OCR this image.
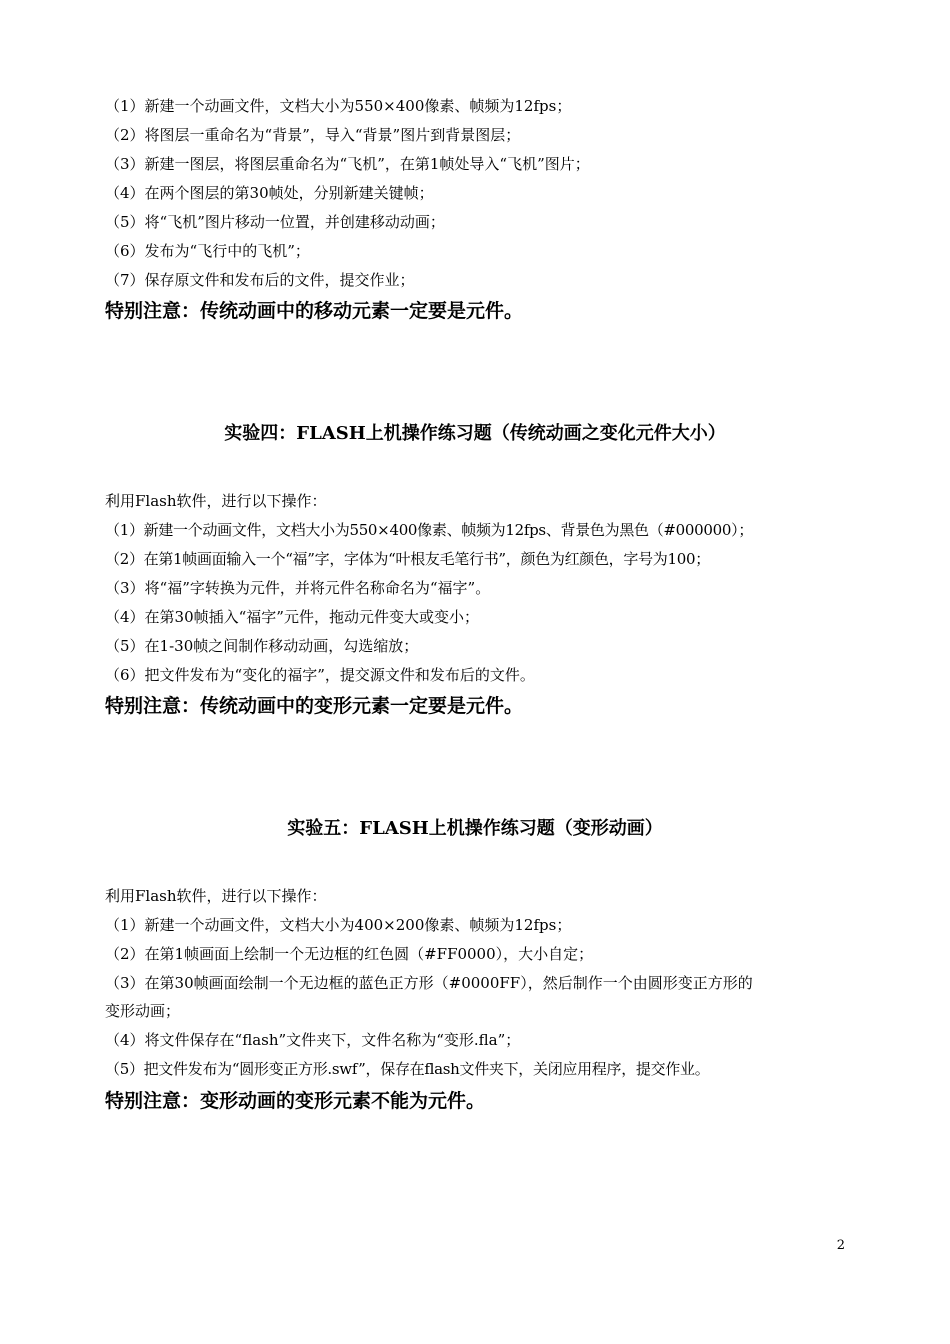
（1）新建一个动画文件，文档大小为550×400像素、帧频为12fps；
（2）将图层一重命名为“背景”，导入“背景”图片到背景图层；
（3）新建一图层，将图层重命名为“飞机”，在第1帧处导入“飞机”图片；
（4）在两个图层的第30帧处，分别新建关键帧；
（5）将“飞机”图片移动一位置，并创建移动动画；
（6）发布为“飞行中的飞机”；
（7）保存原文件和发布后的文件，提交作业；
特别注意：传统动画中的移动元素一定要是元件。
实验四：FLASH上机操作练习题（传统动画之变化元件大小）
利用Flash软件，进行以下操作：
（1）新建一个动画文件，文档大小为550×400像素、帧频为12fps、背景色为黑色（#000000）；
（2）在第1帧画面输入一个“福”字，字体为“叶根友毛笔行书”，颜色为红颜色，字号为100；
（3）将“福”字转换为元件，并将元件名称命名为“福字”。
（4）在第30帧插入“福字”元件，拖动元件变大或变小；
（5）在1-30帧之间制作移动动画，勾选缩放；
（6）把文件发布为“变化的福字”，提交源文件和发布后的文件。
特别注意：传统动画中的变形元素一定要是元件。
实验五：FLASH上机操作练习题（变形动画）
利用Flash软件，进行以下操作：
（1）新建一个动画文件，文档大小为400×200像素、帧频为12fps；
（2）在第1帧画面上绘制一个无边框的红色圆（#FF0000），大小自定；
（3）在第30帧画面绘制一个无边框的蓝色正方形（#0000FF），然后制作一个由圆形变正方形的
变形动画；
（4）将文件保存在“flash”文件夹下，文件名称为“变形.fla”；
（5）把文件发布为“圆形变正方形.swf”，保存在flash文件夹下，关闭应用程序，提交作业。
特别注意：变形动画的变形元素不能为元件。
2
